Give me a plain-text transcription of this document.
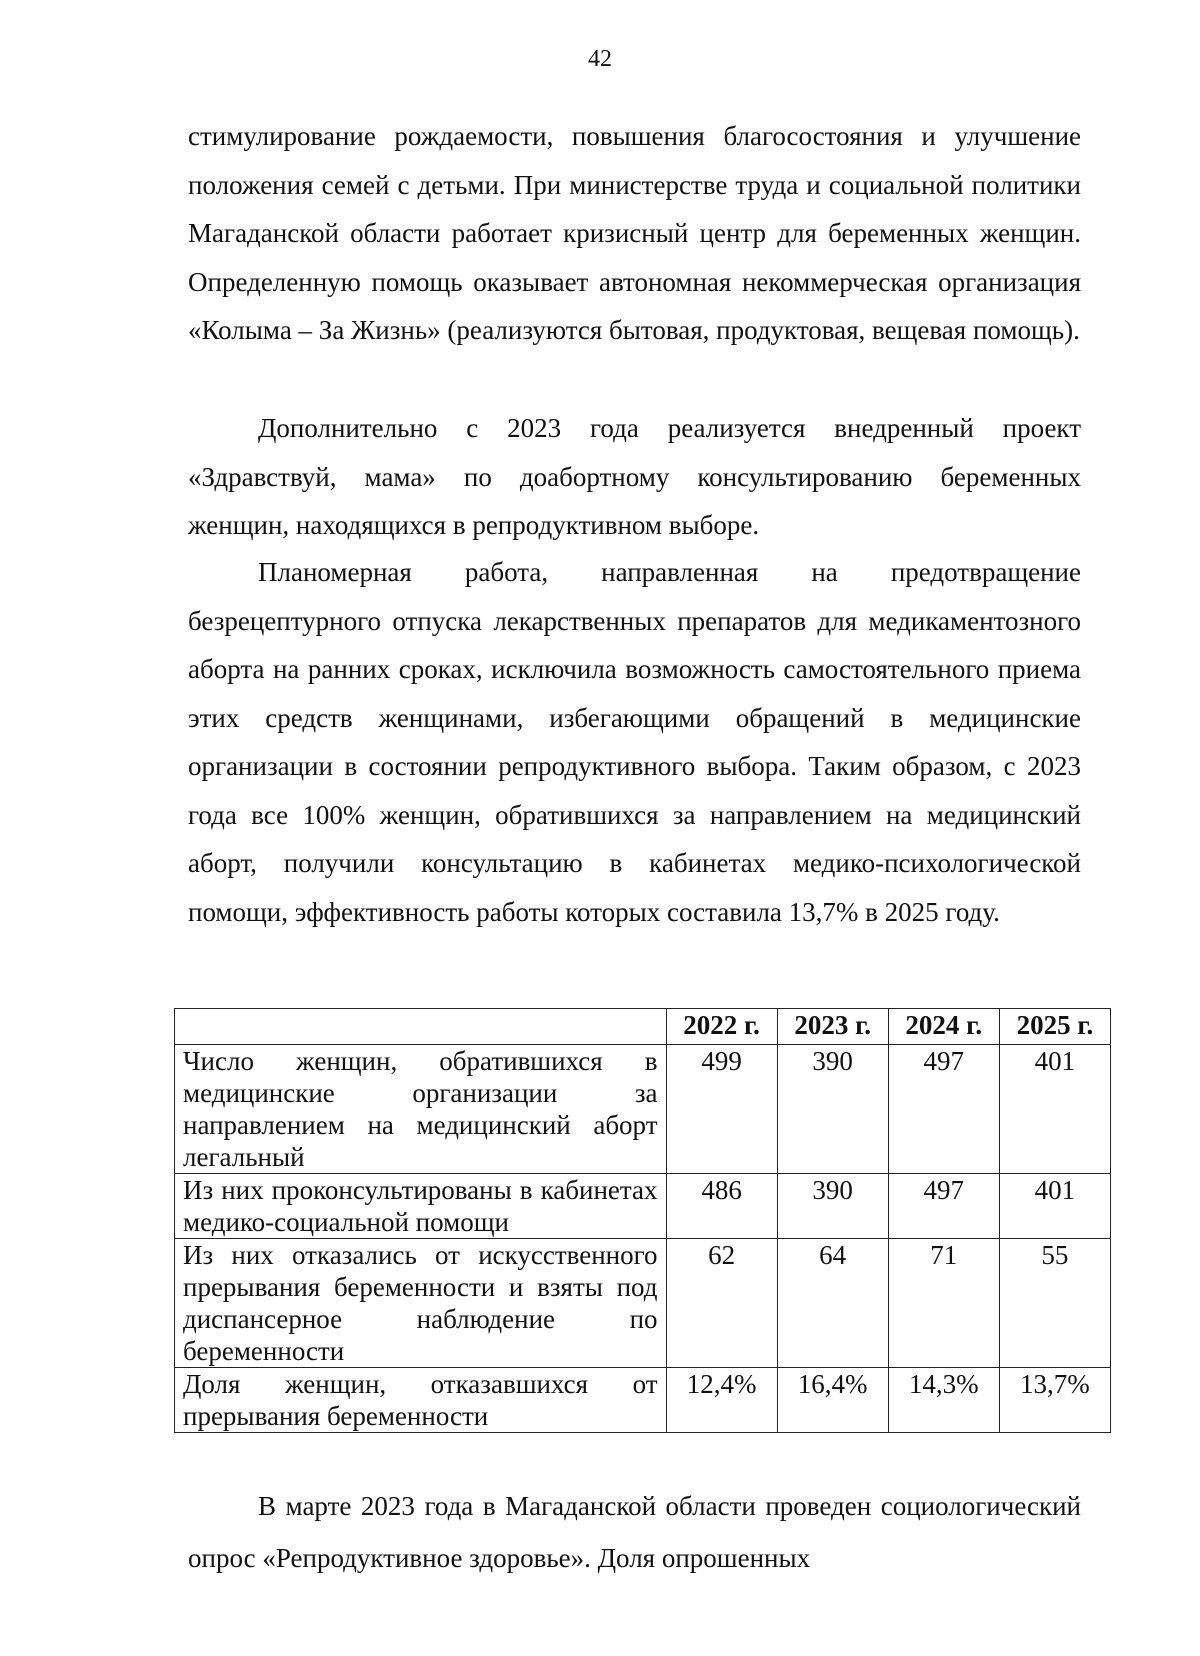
42

стимулирование рождаемости, повышения благосостояния и улучшение положения семей с детьми. При министерстве труда и социальной политики Магаданской области работает кризисный центр для беременных женщин. Определенную помощь оказывает автономная некоммерческая организация «Колыма – За Жизнь» (реализуются бытовая, продуктовая, вещевая помощь).

Дополнительно с 2023 года реализуется внедренный проект «Здравствуй, мама» по доабортному консультированию беременных женщин, находящихся в репродуктивном выборе.

Планомерная работа, направленная на предотвращение безрецептурного отпуска лекарственных препаратов для медикаментозного аборта на ранних сроках, исключила возможность самостоятельного приема этих средств женщинами, избегающими обращений в медицинские организации в состоянии репродуктивного выбора. Таким образом, с 2023 года все 100% женщин, обратившихся за направлением на медицинский аборт, получили консультацию в кабинетах медико-психологической помощи, эффективность работы которых составила 13,7% в 2025 году.

	2022 г.	2023 г.	2024 г.	2025 г.
Число женщин, обратившихся в медицинские организации за направлением на медицинский аборт легальный	499	390	497	401
Из них проконсультированы в кабинетах медико-социальной помощи	486	390	497	401
Из них отказались от искусственного прерывания беременности и взяты под диспансерное наблюдение по беременности	62	64	71	55
Доля женщин, отказавшихся от прерывания беременности	12,4%	16,4%	14,3%	13,7%

В марте 2023 года в Магаданской области проведен социологический опрос «Репродуктивное здоровье». Доля опрошенных
